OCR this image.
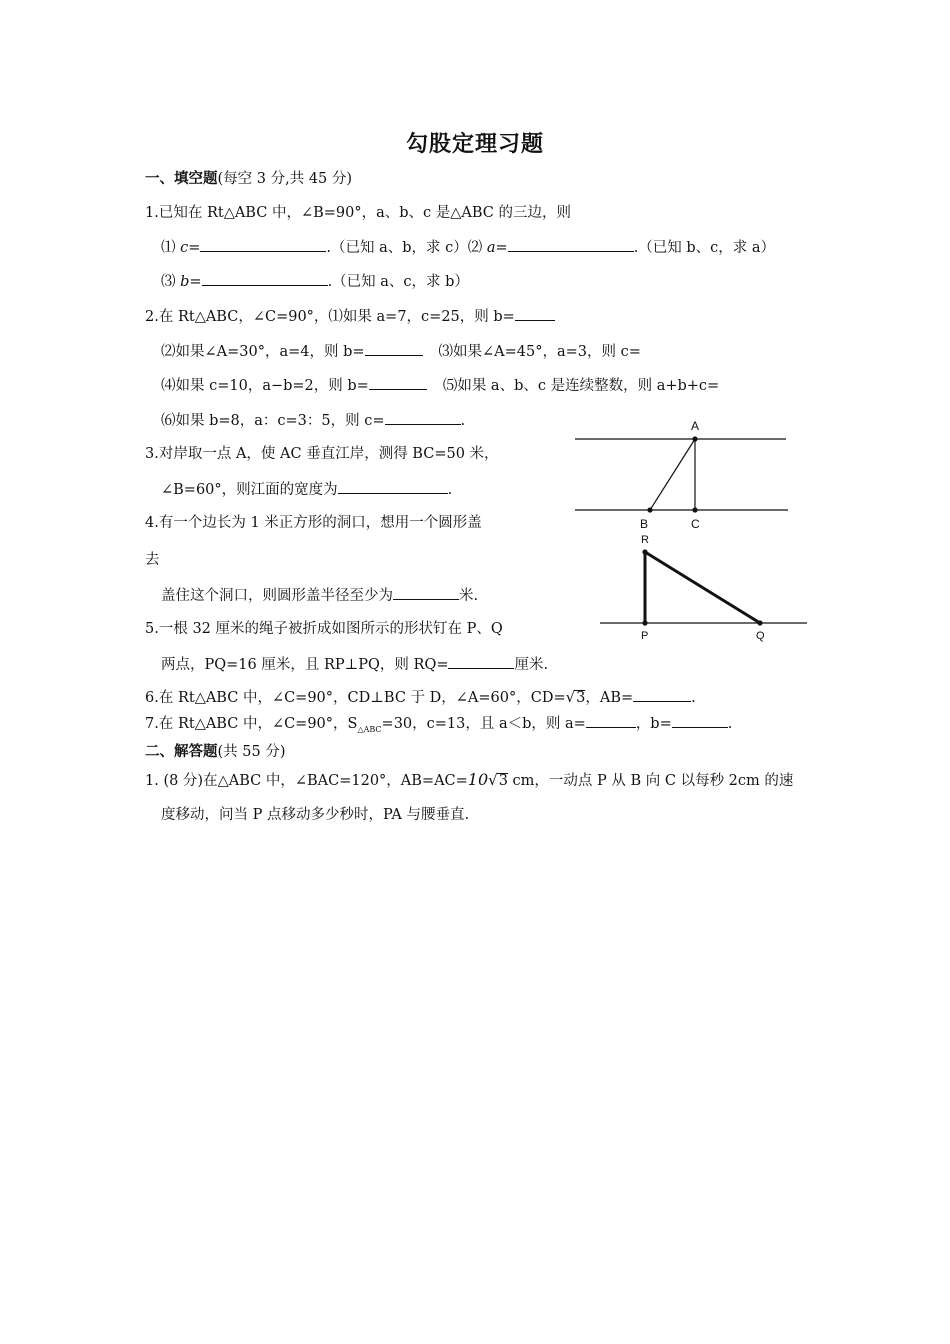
勾股定理习题
一、填空题(每空 3 分,共 45 分)
1.已知在 Rt△ABC 中，∠B=90°，a、b、c 是△ABC 的三边，则
⑴ c=	.（已知 a、b，求 c）⑵ a=	.（已知 b、c，求 a）
⑶ b=	.（已知 a、c，求 b）
2.在 Rt△ABC，∠C=90°，⑴如果 a=7，c=25，则 b=
⑵如果∠A=30°，a=4，则 b=	⑶如果∠A=45°，a=3，则 c=
⑷如果 c=10，a−b=2，则 b=	⑸如果 a、b、c 是连续整数，则 a+b+c=
⑹如果 b=8，a：c=3：5，则 c=	.
3.对岸取一点 A，使 AC 垂直江岸，测得 BC=50 米，
∠B=60°，则江面的宽度为	.
4.有一个边长为 1 米正方形的洞口，想用一个圆形盖
去
盖住这个洞口，则圆形盖半径至少为	米.
5.一根 32 厘米的绳子被折成如图所示的形状钉在 P、Q
两点，PQ=16 厘米，且 RP⊥PQ，则 RQ=	厘米.
6.在 Rt△ABC 中，∠C=90°，CD⊥BC 于 D，∠A=60°，CD=√3，AB=	.
7.在 Rt△ABC 中，∠C=90°，$S_{\triangle ABC}=30$，c=13，且 a＜b，则 a=	，b=	.
二、解答题(共 55 分)
1. (8 分)在△ABC 中，∠BAC=120°，AB=AC=10√3 cm，一动点 P 从 B 向 C 以每秒 2cm 的速
度移动，问当 P 点移动多少秒时，PA 与腰垂直.
A
B	C
R
P	Q
